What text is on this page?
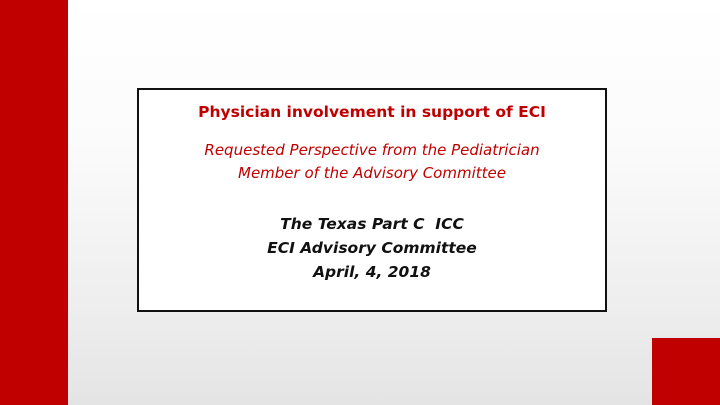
Physician involvement in support of ECI
Requested Perspective from the Pediatrician
Member of the Advisory Committee
The Texas Part C  ICC
ECI Advisory Committee
April, 4, 2018
